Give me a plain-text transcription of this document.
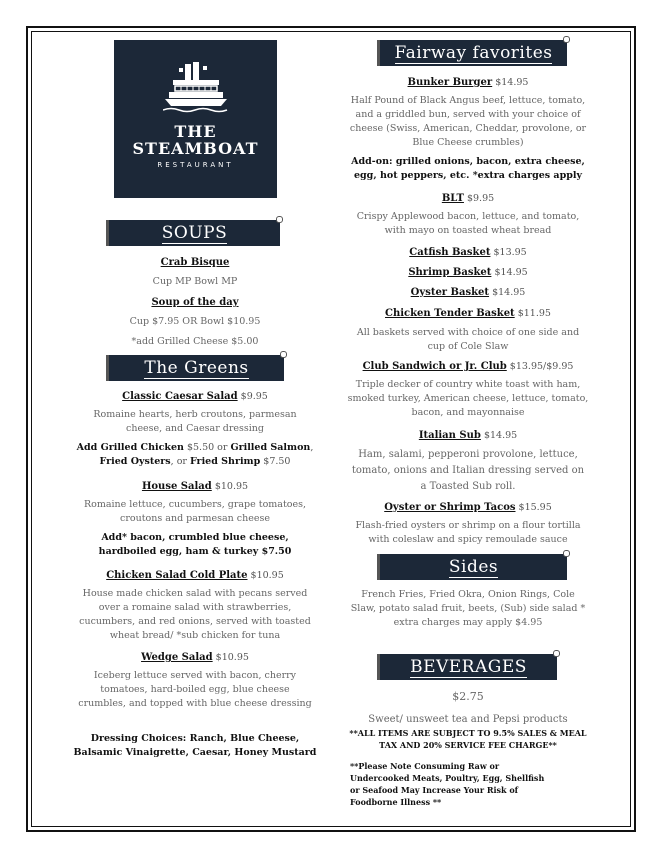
THE
STEAMBOAT
RESTAURANT
SOUPS
Crab Bisque
Cup MP Bowl MP
Soup of the day
Cup $7.95 OR Bowl $10.95
*add Grilled Cheese $5.00
The Greens
Classic Caesar Salad $9.95
Romaine hearts, herb croutons, parmesan cheese, and Caesar dressing
Add Grilled Chicken $5.50 or Grilled Salmon, Fried Oysters, or Fried Shrimp $7.50
House Salad $10.95
Romaine lettuce, cucumbers, grape tomatoes, croutons and parmesan cheese
Add* bacon, crumbled blue cheese, hardboiled egg, ham & turkey $7.50
Chicken Salad Cold Plate $10.95
House made chicken salad with pecans served over a romaine salad with strawberries, cucumbers, and red onions, served with toasted wheat bread/ *sub chicken for tuna
Wedge Salad $10.95
Iceberg lettuce served with bacon, cherry tomatoes, hard-boiled egg, blue cheese crumbles, and topped with blue cheese dressing
Dressing Choices: Ranch, Blue Cheese, Balsamic Vinaigrette, Caesar, Honey Mustard
Fairway favorites
Bunker Burger $14.95
Half Pound of Black Angus beef, lettuce, tomato, and a griddled bun, served with your choice of cheese (Swiss, American, Cheddar, provolone, or Blue Cheese crumbles)
Add-on: grilled onions, bacon, extra cheese, egg, hot peppers, etc. *extra charges apply
BLT $9.95
Crispy Applewood bacon, lettuce, and tomato, with mayo on toasted wheat bread
Catfish Basket $13.95
Shrimp Basket $14.95
Oyster Basket $14.95
Chicken Tender Basket $11.95
All baskets served with choice of one side and cup of Cole Slaw
Club Sandwich or Jr. Club $13.95/$9.95
Triple decker of country white toast with ham, smoked turkey, American cheese, lettuce, tomato, bacon, and mayonnaise
Italian Sub $14.95
Ham, salami, pepperoni provolone, lettuce, tomato, onions and Italian dressing served on a Toasted Sub roll.
Oyster or Shrimp Tacos $15.95
Flash-fried oysters or shrimp on a flour tortilla with coleslaw and spicy remoulade sauce
Sides
French Fries, Fried Okra, Onion Rings, Cole Slaw, potato salad fruit, beets, (Sub) side salad * extra charges may apply $4.95
BEVERAGES
$2.75
Sweet/ unsweet tea and Pepsi products
**ALL ITEMS ARE SUBJECT TO 9.5% SALES & MEAL TAX AND 20% SERVICE FEE CHARGE**
**Please Note Consuming Raw or Undercooked Meats, Poultry, Egg, Shellfish or Seafood May Increase Your Risk of Foodborne Illness **
